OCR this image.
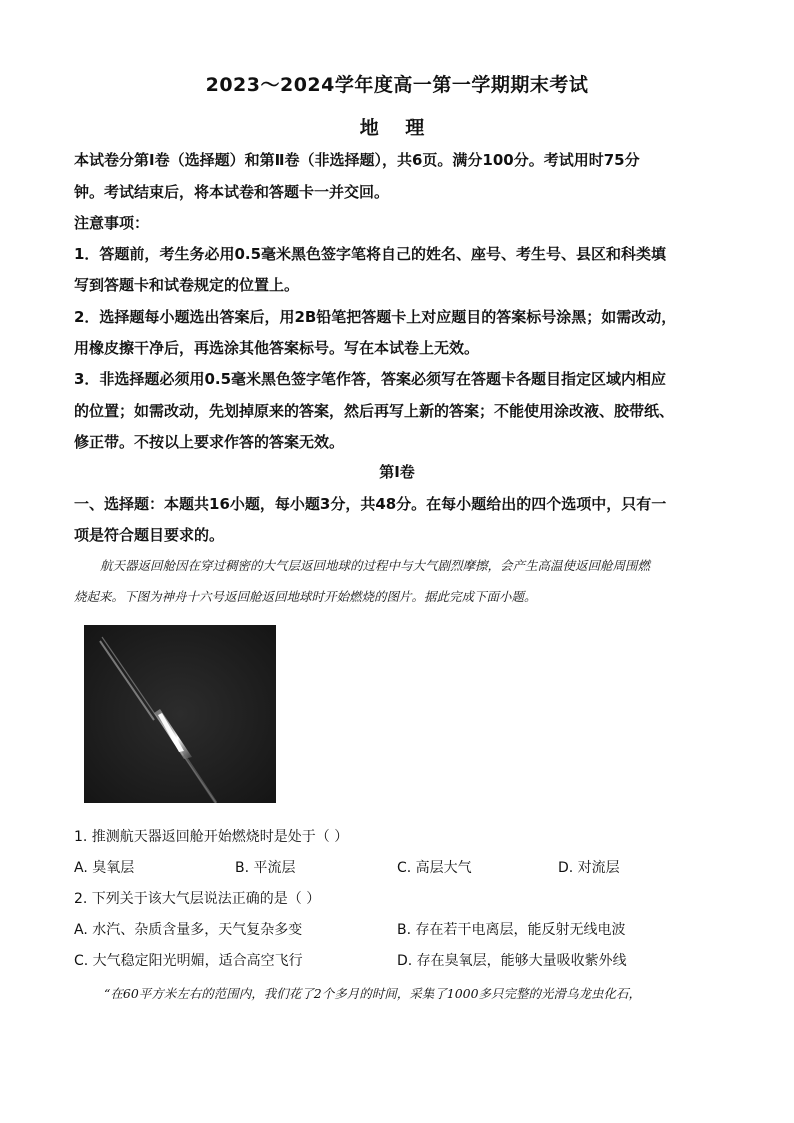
2023～2024学年度高一第一学期期末考试
地 理
本试卷分第Ⅰ卷（选择题）和第Ⅱ卷（非选择题），共6页。满分100分。考试用时75分
钟。考试结束后，将本试卷和答题卡一并交回。
注意事项：
1．答题前，考生务必用0.5毫米黑色签字笔将自己的姓名、座号、考生号、县区和科类填
写到答题卡和试卷规定的位置上。
2．选择题每小题选出答案后，用2B铅笔把答题卡上对应题目的答案标号涂黑；如需改动，
用橡皮擦干净后，再选涂其他答案标号。写在本试卷上无效。
3．非选择题必须用0.5毫米黑色签字笔作答，答案必须写在答题卡各题目指定区域内相应
的位置；如需改动，先划掉原来的答案，然后再写上新的答案；不能使用涂改液、胶带纸、
修正带。不按以上要求作答的答案无效。
第Ⅰ卷
一、选择题：本题共16小题，每小题3分，共48分。在每小题给出的四个选项中，只有一
项是符合题目要求的。
航天器返回舱因在穿过稠密的大气层返回地球的过程中与大气剧烈摩擦，会产生高温使返回舱周围燃
烧起来。下图为神舟十六号返回舱返回地球时开始燃烧的图片。据此完成下面小题。
1. 推测航天器返回舱开始燃烧时是处于（ ）
A. 臭氧层	B. 平流层	C. 高层大气	D. 对流层
2. 下列关于该大气层说法正确的是（ ）
A. 水汽、杂质含量多，天气复杂多变	B. 存在若干电离层，能反射无线电波
C. 大气稳定阳光明媚，适合高空飞行	D. 存在臭氧层，能够大量吸收紫外线
“在60平方米左右的范围内，我们花了2个多月的时间，采集了1000多只完整的光滑乌龙虫化石，
